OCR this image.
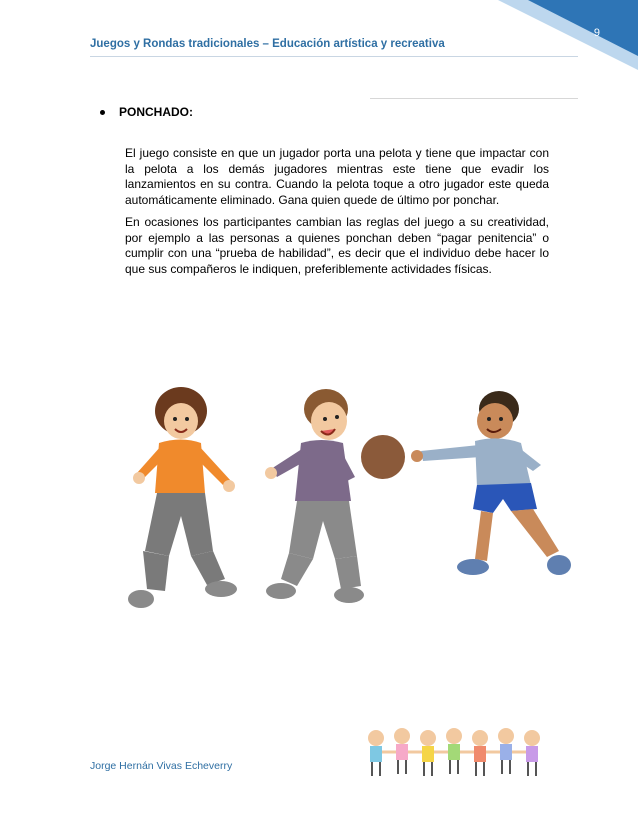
9
Juegos y Rondas tradicionales – Educación artística y recreativa
PONCHADO:

El juego consiste en que un jugador porta una pelota y tiene que impactar con la pelota a los demás jugadores mientras este tiene que evadir los lanzamientos en su contra. Cuando la pelota toque a otro jugador este queda automáticamente eliminado. Gana quien quede de último por ponchar.

En ocasiones los participantes cambian las reglas del juego a su creatividad, por ejemplo a las personas a quienes ponchan deben “pagar penitencia” o cumplir con una “prueba de habilidad”, es decir que el individuo debe hacer lo que sus compañeros le indiquen, preferiblemente actividades físicas.

Jorge Hernán Vivas Echeverry
